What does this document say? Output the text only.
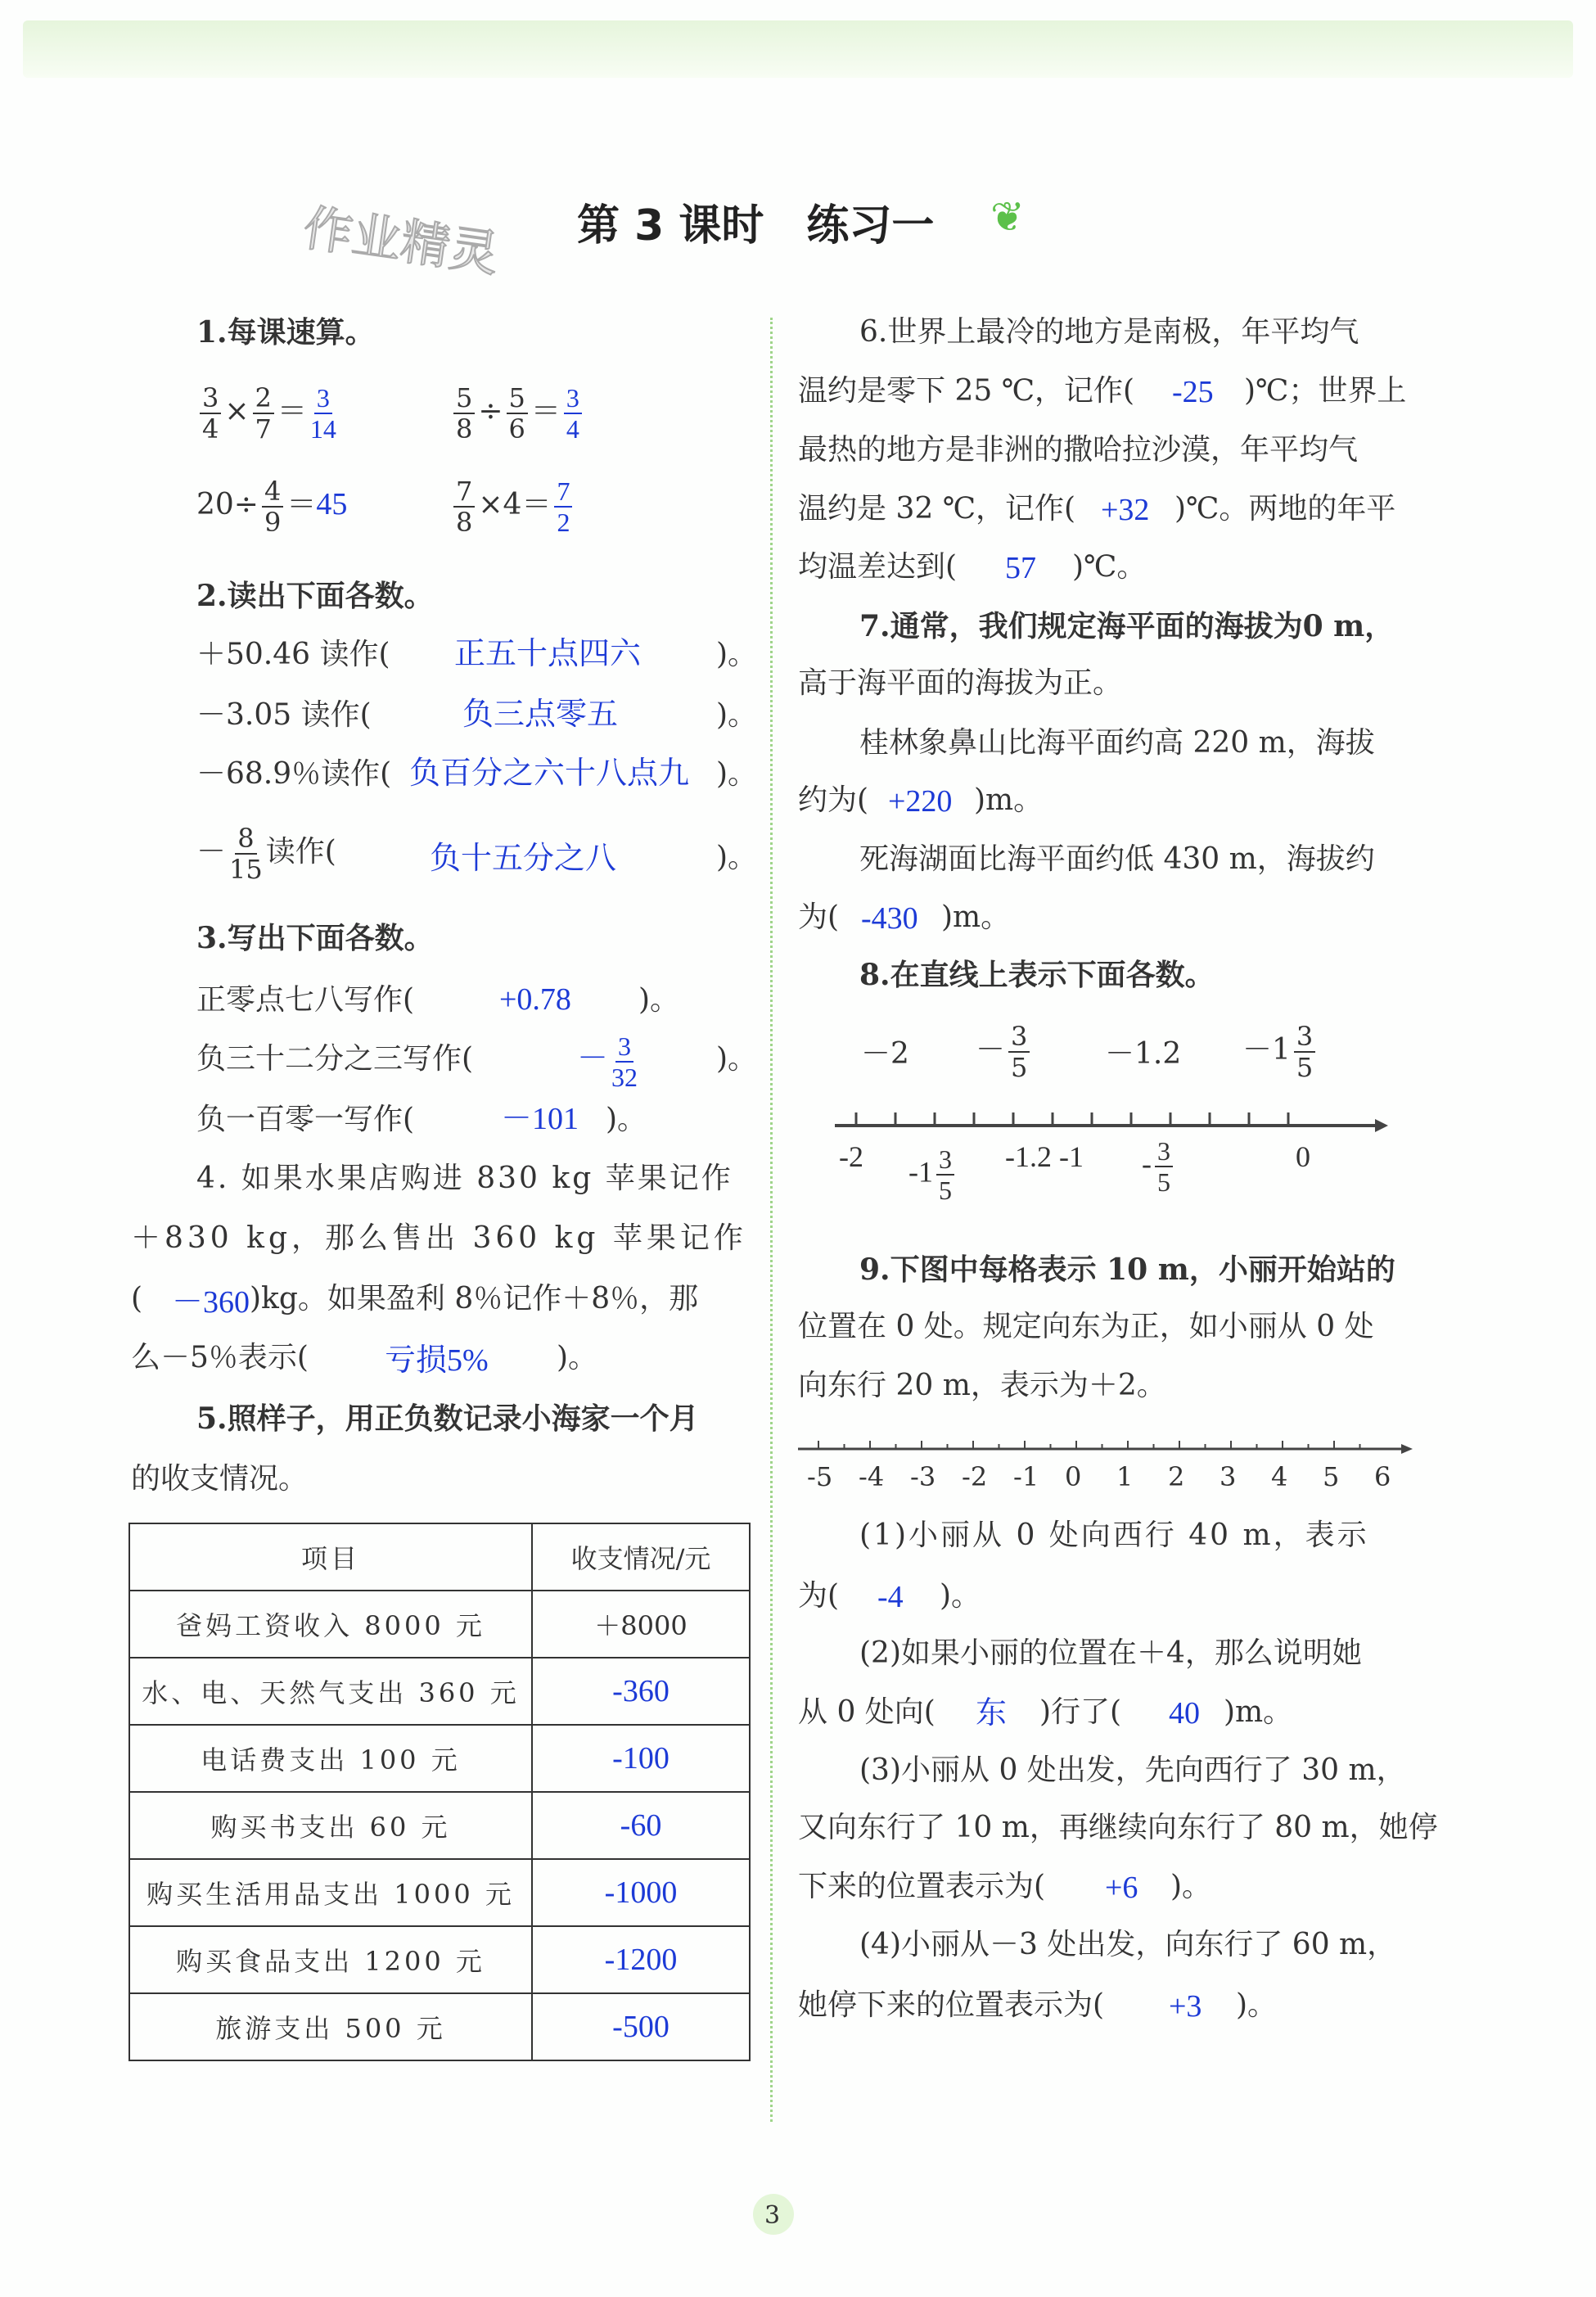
作业精灵 第 3 课时　练习一 ❦
1.每课速算。
$\frac{3}{4} \times \frac{2}{7} = \frac{3}{14}$	$\frac{5}{8} \div \frac{5}{6} = \frac{3}{4}$
$20\div \frac{4}{9} =45$	$\frac{7}{8} \times 4= \frac{7}{2}$
2.读出下面各数。
＋50.46 读作( 正五十点四六	)。
－3.05 读作(	负三点零五	)。
－68.9％读作( 负百分之六十八点九 )。
－ $\frac{8}{15}$ 读作(	负十五分之八	)。
3.写出下面各数。
正零点七八写作(	+0.78 )。
负三十二分之三写作(	－ $\frac{3}{32}$	)。
负一百零一写作(	－101 )。
4. 如果水果店购进 830 kg 苹果记作
＋830 kg，那么售出 360 kg 苹果记作
( －360 )kg。如果盈利 8％记作＋8％，那
么－5％表示( 亏损5% )。
5.照样子，用正负数记录小海家一个月
的收支情况。
项目	收支情况/元
爸妈工资收入 8000 元	＋8000
水、电、天然气支出 360 元	-360
电话费支出 100 元	-100
购买书支出 60 元	-60
购买生活用品支出 1000 元	-1000
购买食品支出 1200 元	-1200
旅游支出 500 元	-500
6.世界上最冷的地方是南极，年平均气
温约是零下 25 ℃，记作( -25 )℃；世界上
最热的地方是非洲的撒哈拉沙漠，年平均气
温约是 32 ℃，记作( +32 )℃。两地的年平
均温差达到( 57 )℃。
7.通常，我们规定海平面的海拔为0 m，
高于海平面的海拔为正。
桂林象鼻山比海平面约高 220 m，海拔
约为( +220 )m。
死海湖面比海平面约低 430 m，海拔约
为( -430 )m。
8.在直线上表示下面各数。
$-2 - \frac{3}{5}$	$-1.2 -1 \frac{3}{5}$
-2 $-1 \frac{3}{5} -1.2$ $-1 - \frac{3}{5}$	0
9.下图中每格表示 10 m，小丽开始站的
位置在 0 处。规定向东为正，如小丽从 0 处
向东行 20 m，表示为＋2。
-5 -4 -3 -2 -1 0 1 2 3 4 5 6
(1)小丽从 0 处向西行 40 m，表示
为( -4 )。
(2)如果小丽的位置在＋4，那么说明她
从 0 处向( 东 )行了( 40 )m。
(3)小丽从 0 处出发，先向西行了 30 m，
又向东行了 10 m，再继续向东行了 80 m，她停
下来的位置表示为( +6 )。
(4)小丽从－3 处出发，向东行了 60 m，
她停下来的位置表示为( +3 )。
3
